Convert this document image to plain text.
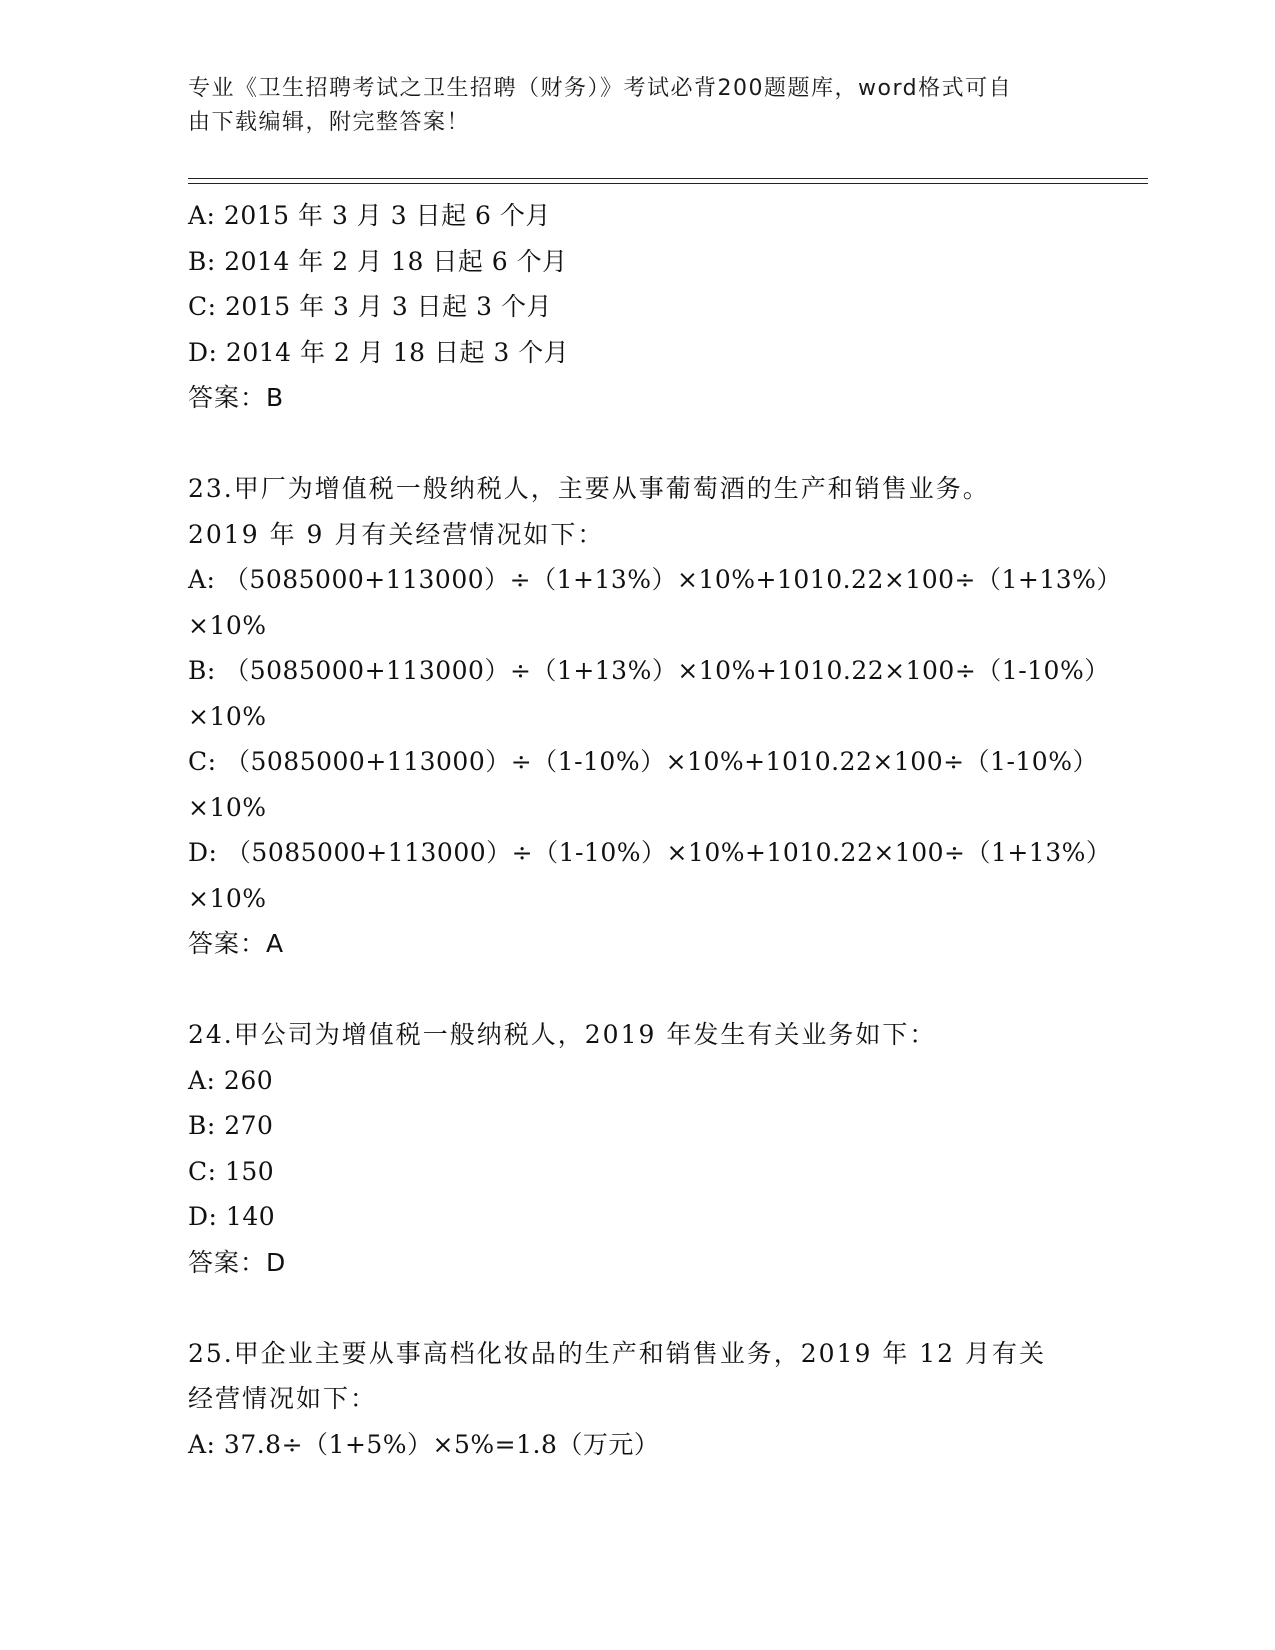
专业《卫生招聘考试之卫生招聘（财务）》考试必背200题题库，word格式可自
由下载编辑，附完整答案！
A: 2015 年 3 月 3 日起 6 个月
B: 2014 年 2 月 18 日起 6 个月
C: 2015 年 3 月 3 日起 3 个月
D: 2014 年 2 月 18 日起 3 个月
答案：B
23.甲厂为增值税一般纳税人，主要从事葡萄酒的生产和销售业务。
2019 年 9 月有关经营情况如下：
A: （5085000+113000）÷（1+13%）×10%+1010.22×100÷（1+13%）
×10%
B: （5085000+113000）÷（1+13%）×10%+1010.22×100÷（1-10%）
×10%
C: （5085000+113000）÷（1-10%）×10%+1010.22×100÷（1-10%）
×10%
D: （5085000+113000）÷（1-10%）×10%+1010.22×100÷（1+13%）
×10%
答案：A
24.甲公司为增值税一般纳税人，2019 年发生有关业务如下：
A: 260
B: 270
C: 150
D: 140
答案：D
25.甲企业主要从事高档化妆品的生产和销售业务，2019 年 12 月有关
经营情况如下：
A: 37.8÷（1+5%）×5%=1.8（万元）
